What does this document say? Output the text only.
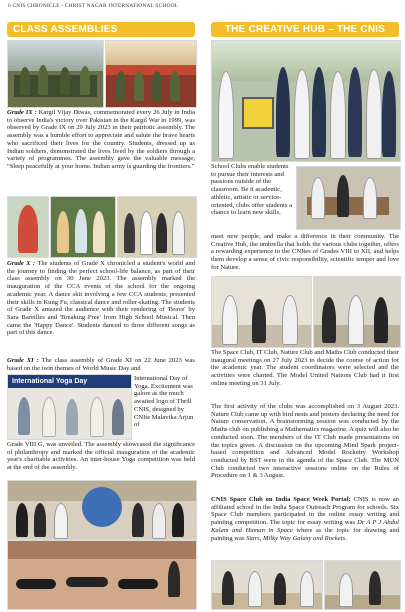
6 CNIS CHRONICLE - CHRIST NAGAR INTERNATIONAL SCHOOL
CLASS ASSEMBLIES
Grade IX : Kargil Vijay Diwas, commemorated every 26 July in India to observe India's victory over Pakistan in the Kargil War in 1999, was observed by Grade IX on 29 July 2023 in their patriotic assembly. The assembly was a humble effort to appreciate and salute the brave hearts who sacrificed their lives for the country. Students, dressed up as Indian soldiers, demonstrated the lives lived by the soldiers through a variety of programmes. The assembly gave the valuable message; "Sleep peacefully at your home. Indian army is guarding the frontiers."
Grade X : The students of Grade X chronicled a student's world and the journey to finding the perfect school-life balance, as part of their class assembly on 30 June 2023. The assembly marked the inauguration of the CCA events of the school for the ongoing academic year. A dance skit involving a few CCA students, presented their skills in Kung Fu, classical dance and roller-skating. The students of Grade X amazed the audience with their rendering of 'Brave' by Sara Bareilles and 'Breaking Free' from High School Musical. Then came the 'Happy Dance'. Students danced to three different songs as part of this dance.
Grade XI : The class assembly of Grade XI on 22 June 2023 was based on the twin themes of World Music Day and
International Yoga Day	International Day of Yoga. Excitement was galore as the much awaited logo of Thrill CNIS, designed by CNIte Malavika Arjun of
Grade VIII G, was unveiled. The assembly showcased the significance of philanthropy and marked the official inauguration of the academic year's charitable activities. An inter-house Yoga competition was held at the end of the assembly.
THE CREATIVE HUB – THE CNIS
School Clubs enable students to pursue their interests and passions outside of the classroom. Be it academic, athletic, artistic or service-oriented, clubs offer students a chance to learn new skills,
meet new people, and make a difference in their community. The Creative Hub, the umbrella that holds the various clubs together, offers a rewarding experience to the CNItes of Grades VIII to XII, and helps them develop a sense of civic responsibility, scientific temper and love for Nature.
The Space Club, IT Club, Nature Club and Maths Club conducted their inaugural meetings on 27 July 2023 to decide the course of action for the academic year. The student coordinators were selected and the activities were charted. The Model United Nations Club had it first online meeting on 31 July.
The first activity of the clubs was accomplished on 3 August 2023. Nature Club came up with bird nests and posters declaring the need for Nature conservation. A brainstorming session was conducted by the Maths club on publishing a Mathematics magazine. A quiz will also be conducted soon. The members of the IT Club made presentations on the topics given. A discussion on the upcoming Mind Spark project-based competition and Advanced Model Rocketry Workshop conducted by BST were in the agenda of the Space Club. The MUN Club conducted two interactive sessions online on the Rules of Procedure on 1 & 3 August.
CNIS Space Club on India Space Week Portal: CNIS is now an affiliated school in the India Space Outreach Program for schools. Six Space Club members participated in the online essay writing and painting competition. The topic for essay writing was Dr A P J Abdul Kalam and Human in Space where as the topic for drawing and painting was Stars, Milky Way Galaxy and Rockets.
